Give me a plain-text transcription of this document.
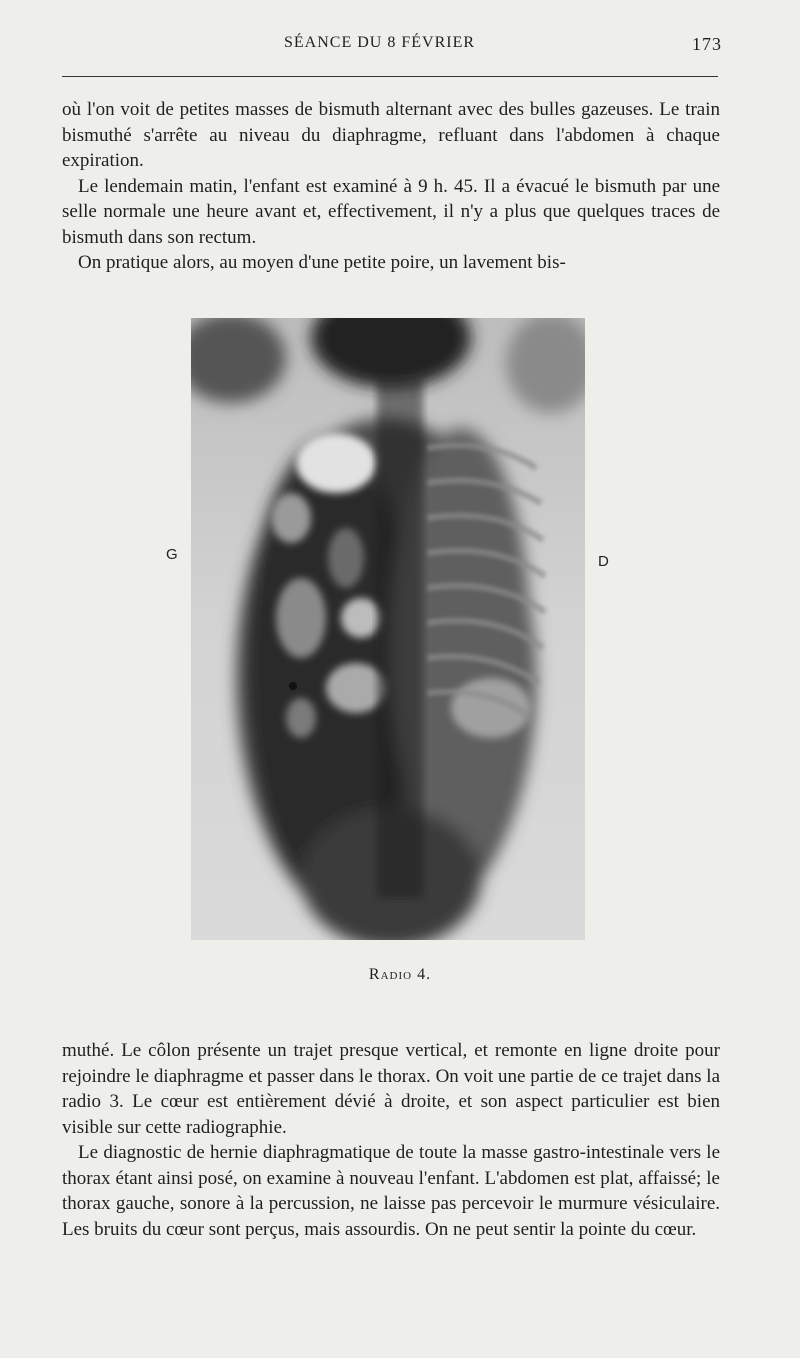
SÉANCE DU 8 FÉVRIER	173

où l'on voit de petites masses de bismuth alternant avec des bulles gazeuses. Le train bismuthé s'arrête au niveau du diaphragme, refluant dans l'abdomen à chaque expiration.

Le lendemain matin, l'enfant est examiné à 9 h. 45. Il a évacué le bismuth par une selle normale une heure avant et, effectivement, il n'y a plus que quelques traces de bismuth dans son rectum.

On pratique alors, au moyen d'une petite poire, un lavement bis-

G	D
Radio 4.

muthé. Le côlon présente un trajet presque vertical, et remonte en ligne droite pour rejoindre le diaphragme et passer dans le thorax. On voit une partie de ce trajet dans la radio 3. Le cœur est entièrement dévié à droite, et son aspect particulier est bien visible sur cette radiographie.

Le diagnostic de hernie diaphragmatique de toute la masse gastro-intestinale vers le thorax étant ainsi posé, on examine à nouveau l'enfant. L'abdomen est plat, affaissé; le thorax gauche, sonore à la percussion, ne laisse pas percevoir le murmure vésiculaire. Les bruits du cœur sont perçus, mais assourdis. On ne peut sentir la pointe du cœur.
